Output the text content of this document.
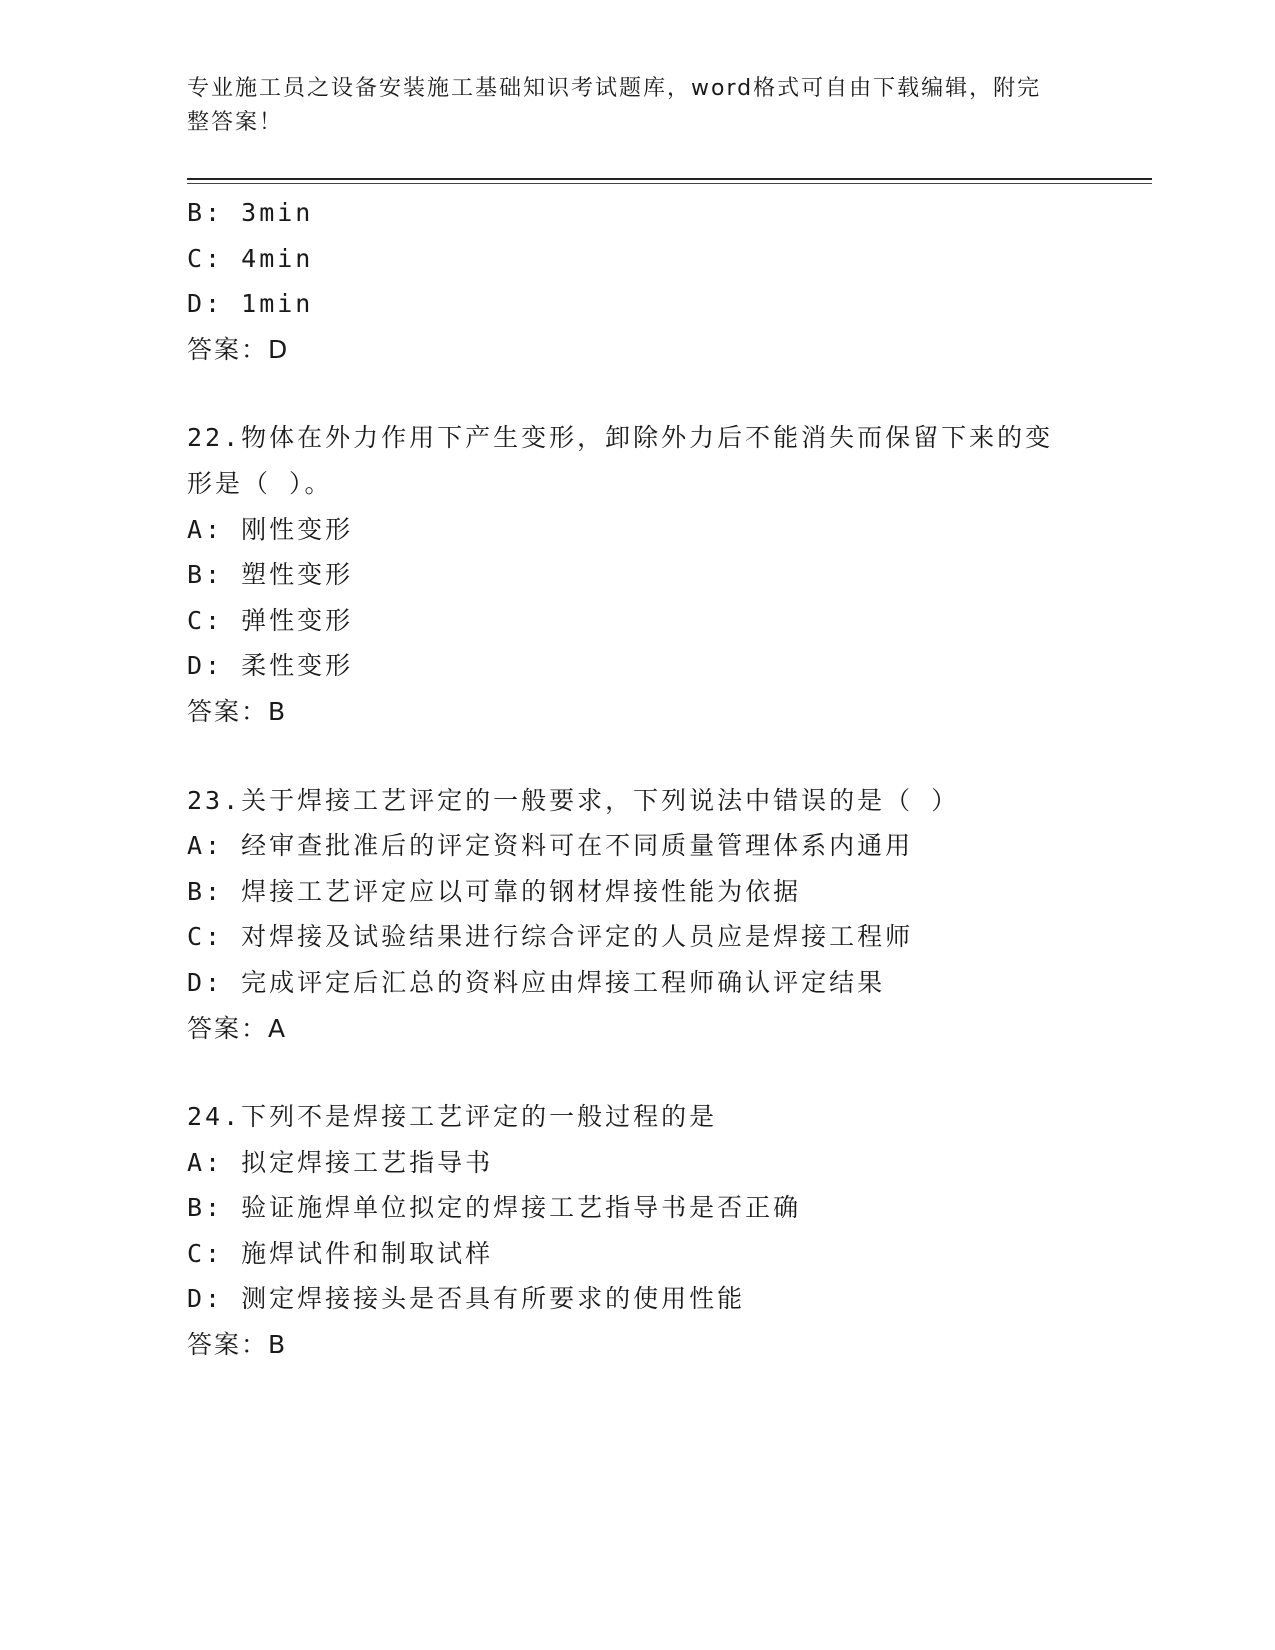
专业施工员之设备安装施工基础知识考试题库，word格式可自由下载编辑，附完
整答案！
B: 3min
C: 4min
D: 1min
答案：D
22.物体在外力作用下产生变形，卸除外力后不能消失而保留下来的变
形是（ ）。
A: 刚性变形
B: 塑性变形
C: 弹性变形
D: 柔性变形
答案：B
23.关于焊接工艺评定的一般要求，下列说法中错误的是（ ）
A: 经审查批准后的评定资料可在不同质量管理体系内通用
B: 焊接工艺评定应以可靠的钢材焊接性能为依据
C: 对焊接及试验结果进行综合评定的人员应是焊接工程师
D: 完成评定后汇总的资料应由焊接工程师确认评定结果
答案：A
24.下列不是焊接工艺评定的一般过程的是
A: 拟定焊接工艺指导书
B: 验证施焊单位拟定的焊接工艺指导书是否正确
C: 施焊试件和制取试样
D: 测定焊接接头是否具有所要求的使用性能
答案：B
